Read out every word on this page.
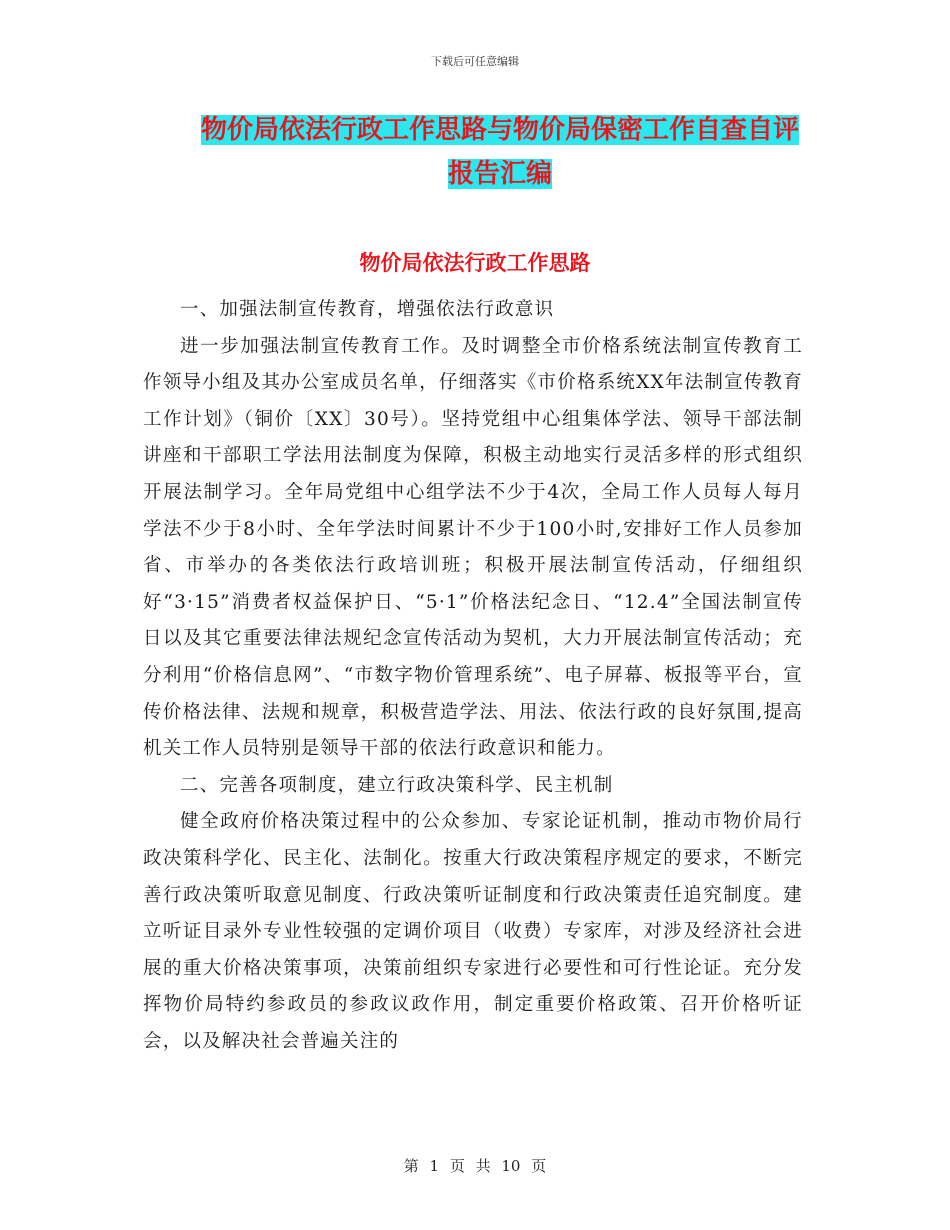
下载后可任意编辑
物价局依法行政工作思路与物价局保密工作自查自评
报告汇编
物价局依法行政工作思路

一、加强法制宣传教育，增强依法行政意识

进一步加强法制宣传教育工作。及时调整全市价格系统法制宣传教育工作领导小组及其办公室成员名单，仔细落实《市价格系统XX年法制宣传教育工作计划》（铜价〔XX〕30号）。坚持党组中心组集体学法、领导干部法制讲座和干部职工学法用法制度为保障，积极主动地实行灵活多样的形式组织开展法制学习。全年局党组中心组学法不少于4次，全局工作人员每人每月学法不少于8小时、全年学法时间累计不少于100小时,安排好工作人员参加省、市举办的各类依法行政培训班；积极开展法制宣传活动，仔细组织好“3·15”消费者权益保护日、“5·1”价格法纪念日、“12.4”全国法制宣传日以及其它重要法律法规纪念宣传活动为契机，大力开展法制宣传活动；充分利用“价格信息网”、“市数字物价管理系统”、电子屏幕、板报等平台，宣传价格法律、法规和规章，积极营造学法、用法、依法行政的良好氛围,提高机关工作人员特别是领导干部的依法行政意识和能力。

二、完善各项制度，建立行政决策科学、民主机制

健全政府价格决策过程中的公众参加、专家论证机制，推动市物价局行政决策科学化、民主化、法制化。按重大行政决策程序规定的要求，不断完善行政决策听取意见制度、行政决策听证制度和行政决策责任追究制度。建立听证目录外专业性较强的定调价项目（收费）专家库，对涉及经济社会进展的重大价格决策事项，决策前组织专家进行必要性和可行性论证。充分发挥物价局特约参政员的参政议政作用，制定重要价格政策、召开价格听证会，以及解决社会普遍关注的

第 1 页 共 10 页
